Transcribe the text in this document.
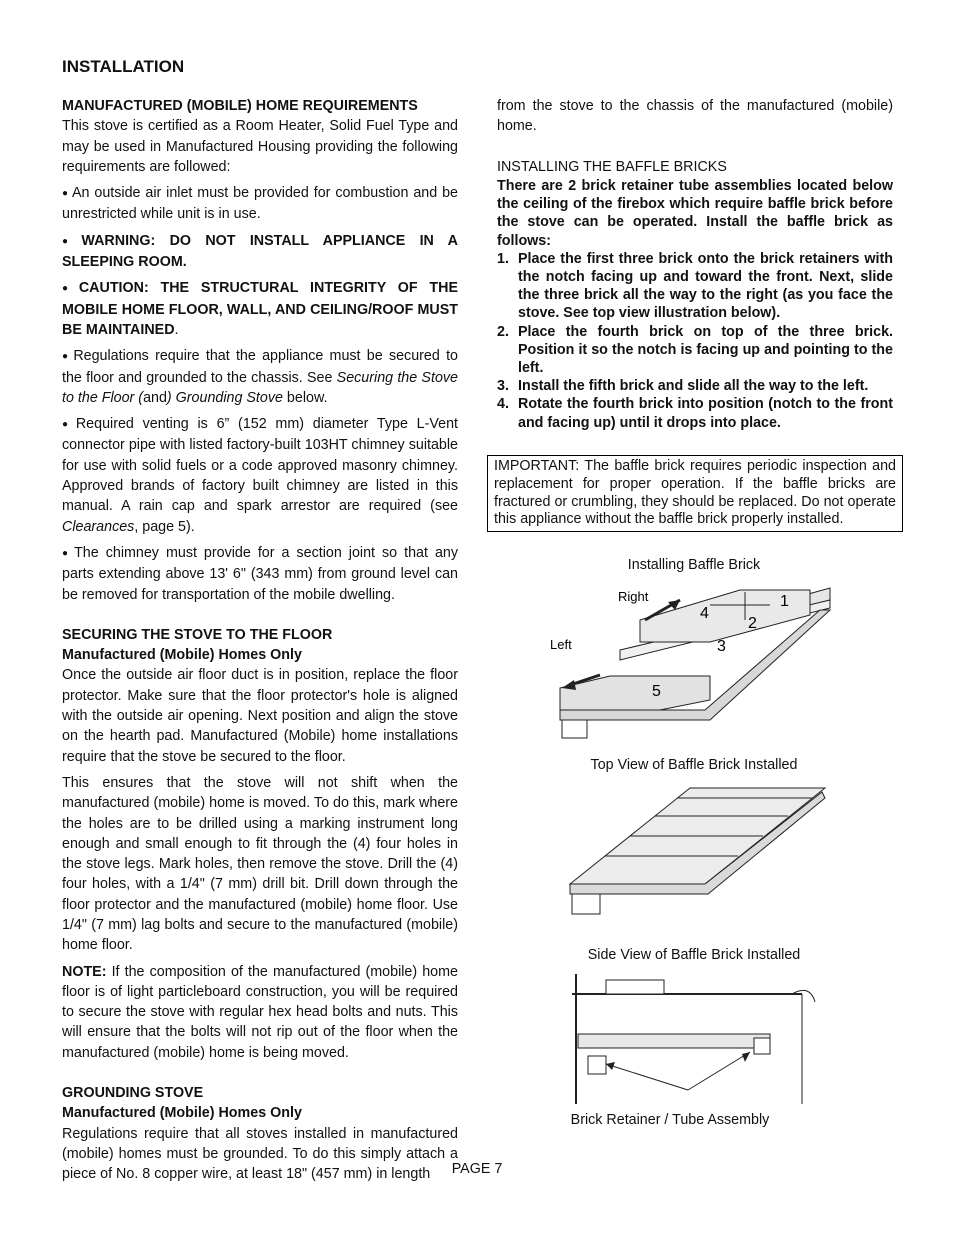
INSTALLATION

MANUFACTURED (MOBILE) HOME REQUIREMENTS

This stove is certified as a Room Heater, Solid Fuel Type and may be used in Manufactured Housing providing the following requirements are followed:

● An outside air inlet must be provided for combustion and be unrestricted while unit is in use.

● WARNING: DO NOT INSTALL APPLIANCE IN A SLEEPING ROOM.

● CAUTION: THE STRUCTURAL INTEGRITY OF THE MOBILE HOME FLOOR, WALL, AND CEILING/ROOF MUST BE MAINTAINED.

● Regulations require that the appliance must be secured to the floor and grounded to the chassis. See Securing the Stove to the Floor (and) Grounding Stove below.

● Required venting is 6” (152 mm) diameter Type L-Vent connector pipe with listed factory-built 103HT chimney suitable for use with solid fuels or a code approved masonry chimney. Approved brands of factory built chimney are listed in this manual. A rain cap and spark arrestor are required (see Clearances, page 5).

● The chimney must provide for a section joint so that any parts extending above 13' 6" (343 mm) from ground level can be removed for transportation of the mobile dwelling.

SECURING THE STOVE TO THE FLOOR

Manufactured (Mobile) Homes Only

Once the outside air floor duct is in position, replace the floor protector. Make sure that the floor protector's hole is aligned with the outside air opening. Next position and align the stove on the hearth pad. Manufactured (Mobile) home installations require that the stove be secured to the floor.

This ensures that the stove will not shift when the manufactured (mobile) home is moved. To do this, mark where the holes are to be drilled using a marking instrument long enough and small enough to fit through the (4) four holes in the stove legs. Mark holes, then remove the stove. Drill the (4) four holes, with a 1/4" (7 mm) drill bit. Drill down through the floor protector and the manufactured (mobile) home floor. Use 1/4" (7 mm) lag bolts and secure to the manufactured (mobile) home floor.

NOTE: If the composition of the manufactured (mobile) home floor is of light particleboard construction, you will be required to secure the stove with regular hex head bolts and nuts. This will ensure that the bolts will not rip out of the floor when the manufactured (mobile) home is being moved.

GROUNDING STOVE

Manufactured (Mobile) Homes Only

Regulations require that all stoves installed in manufactured (mobile) homes must be grounded. To do this simply attach a piece of No. 8 copper wire, at least 18" (457 mm) in length

from the stove to the chassis of the manufactured (mobile) home.

INSTALLING THE BAFFLE BRICKS

There are 2 brick retainer tube assemblies located below the ceiling of the firebox which require baffle brick before the stove can be operated. Install the baffle brick as follows:

1. Place the first three brick onto the brick retainers with the notch facing up and toward the front. Next, slide the three brick all the way to the right (as you face the stove. See top view illustration below).
2. Place the fourth brick on top of the three brick. Position it so the notch is facing up and pointing to the left.
3. Install the fifth brick and slide all the way to the left.
4. Rotate the fourth brick into position (notch to the front and facing up) until it drops into place.
IMPORTANT: The baffle brick requires periodic inspection and replacement for proper operation. If the baffle bricks are fractured or crumbling, they should be replaced. Do not operate this appliance without the baffle brick properly installed.
Installing Baffle Brick
Right
Left
1
2
3
4
5
Top View of Baffle Brick Installed
Side View of Baffle Brick Installed
Brick Retainer / Tube Assembly
PAGE 7
